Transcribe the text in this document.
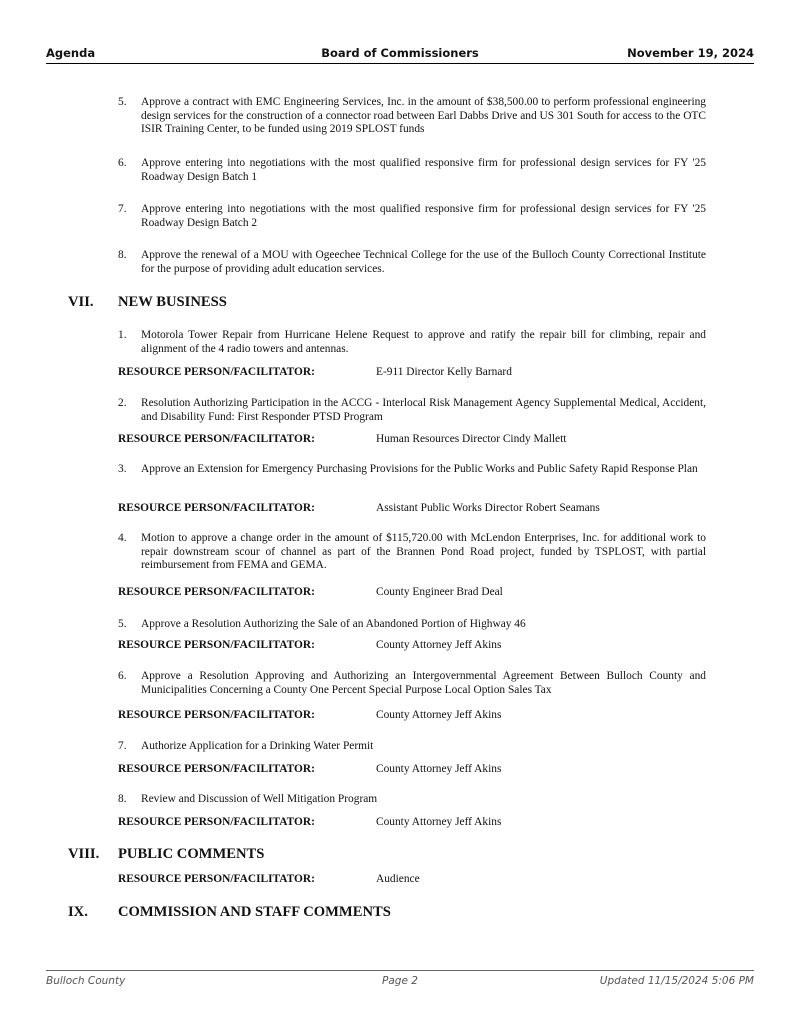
Agenda	Board of Commissioners	November 19, 2024
5. Approve a contract with EMC Engineering Services, Inc. in the amount of $38,500.00 to perform professional engineering design services for the construction of a connector road between Earl Dabbs Drive and US 301 South for access to the OTC ISIR Training Center, to be funded using 2019 SPLOST funds
6. Approve entering into negotiations with the most qualified responsive firm for professional design services for FY '25 Roadway Design Batch 1
7. Approve entering into negotiations with the most qualified responsive firm for professional design services for FY '25 Roadway Design Batch 2
8. Approve the renewal of a MOU with Ogeechee Technical College for the use of the Bulloch County Correctional Institute for the purpose of providing adult education services.
VII. NEW BUSINESS
1. Motorola Tower Repair from Hurricane Helene Request to approve and ratify the repair bill for climbing, repair and alignment of the 4 radio towers and antennas.
RESOURCE PERSON/FACILITATOR:	E-911 Director Kelly Barnard
2. Resolution Authorizing Participation in the ACCG - Interlocal Risk Management Agency Supplemental Medical, Accident, and Disability Fund: First Responder PTSD Program
RESOURCE PERSON/FACILITATOR:	Human Resources Director Cindy Mallett
3. Approve an Extension for Emergency Purchasing Provisions for the Public Works and Public Safety Rapid Response Plan
RESOURCE PERSON/FACILITATOR:	Assistant Public Works Director Robert Seamans
4. Motion to approve a change order in the amount of $115,720.00 with McLendon Enterprises, Inc. for additional work to repair downstream scour of channel as part of the Brannen Pond Road project, funded by TSPLOST, with partial reimbursement from FEMA and GEMA.
RESOURCE PERSON/FACILITATOR:	County Engineer Brad Deal
5. Approve a Resolution Authorizing the Sale of an Abandoned Portion of Highway 46
RESOURCE PERSON/FACILITATOR:	County Attorney Jeff Akins
6. Approve a Resolution Approving and Authorizing an Intergovernmental Agreement Between Bulloch County and Municipalities Concerning a County One Percent Special Purpose Local Option Sales Tax
RESOURCE PERSON/FACILITATOR:	County Attorney Jeff Akins
7. Authorize Application for a Drinking Water Permit
RESOURCE PERSON/FACILITATOR:	County Attorney Jeff Akins
8. Review and Discussion of Well Mitigation Program
RESOURCE PERSON/FACILITATOR:	County Attorney Jeff Akins
VIII. PUBLIC COMMENTS
RESOURCE PERSON/FACILITATOR:	Audience
IX. COMMISSION AND STAFF COMMENTS
Bulloch County	Page 2	Updated 11/15/2024 5:06 PM
